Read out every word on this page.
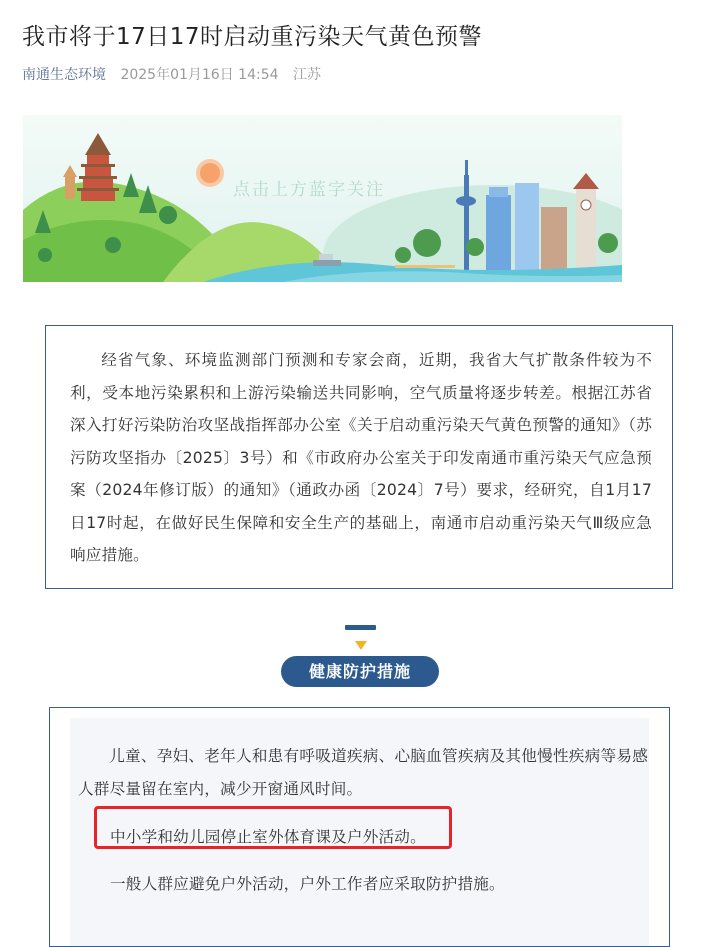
我市将于17日17时启动重污染天气黄色预警
南通生态环境 2025年01月16日 14:54 江苏
点击上方蓝字关注

经省气象、环境监测部门预测和专家会商，近期，我省大气扩散条件较为不利，受本地污染累积和上游污染输送共同影响，空气质量将逐步转差。根据江苏省深入打好污染防治攻坚战指挥部办公室《关于启动重污染天气黄色预警的通知》（苏污防攻坚指办〔2025〕3号）和《市政府办公室关于印发南通市重污染天气应急预案（2024年修订版）的通知》（通政办函〔2024〕7号）要求，经研究，自1月17日17时起，在做好民生保障和安全生产的基础上，南通市启动重污染天气Ⅲ级应急响应措施。

健康防护措施

儿童、孕妇、老年人和患有呼吸道疾病、心脑血管疾病及其他慢性疾病等易感人群尽量留在室内，减少开窗通风时间。

中小学和幼儿园停止室外体育课及户外活动。

一般人群应避免户外活动，户外工作者应采取防护措施。
